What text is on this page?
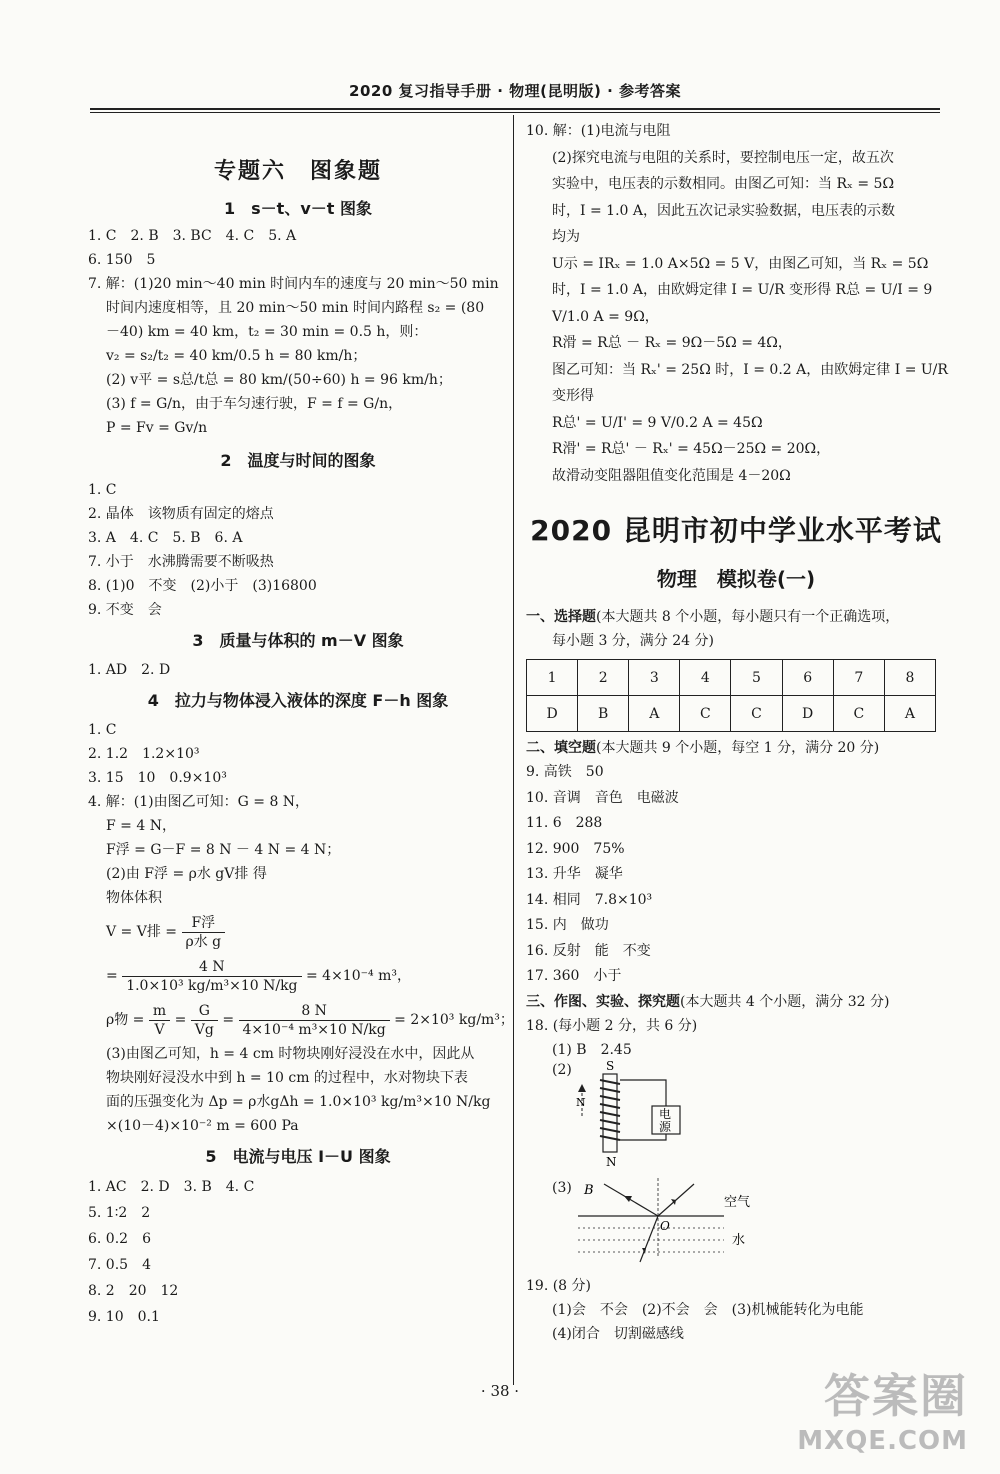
2020 复习指导手册 · 物理(昆明版) · 参考答案
专题六　图象题
1　s－t、v－t 图象
1. C　2. B　3. BC　4. C　5. A
6. 150　5
7. 解：(1)20 min～40 min 时间内车的速度与 20 min～50 min
时间内速度相等，且 20 min～50 min 时间内路程 s₂ = (80
－40) km = 40 km，t₂ = 30 min = 0.5 h，则：
v₂ = s₂/t₂ = 40 km/0.5 h = 80 km/h；
(2) v平 = s总/t总 = 80 km/(50÷60) h = 96 km/h；
(3) f = G/n，由于车匀速行驶，F = f = G/n，
P = Fv = Gv/n
2　温度与时间的图象
1. C
2. 晶体　该物质有固定的熔点
3. A　4. C　5. B　6. A
7. 小于　水沸腾需要不断吸热
8. (1)0　不变　(2)小于　(3)16800
9. 不变　会
3　质量与体积的 m－V 图象
1. AD　2. D
4　拉力与物体浸入液体的深度 F－h 图象
1. C
2. 1.2　1.2×10³
3. 15　10　0.9×10³
4. 解：(1)由图乙可知：G = 8 N，
F = 4 N，
F浮 = G－F = 8 N － 4 N = 4 N；
(2)由 F浮 = ρ水 gV排 得
物体体积
V = V排 = $\frac{\text{F浮}}{\text{ρ水 g}}$
= $\frac{4 N}{\text{1.0×10³ kg/m³×10 N/kg}} = 4\times 10^{-4}$ m³，
ρ物 = $\frac{m}{V} = \frac{G}{Vg} = \frac{8 N}{\text{4×10⁻⁴ m³×10 N/kg}} = 2\times 10^3$ kg/m³；
(3)由图乙可知，h = 4 cm 时物块刚好浸没在水中，因此从
物块刚好浸没水中到 h = 10 cm 的过程中，水对物块下表
面的压强变化为 Δp = ρ水gΔh = 1.0×10³ kg/m³×10 N/kg
×(10－4)×10⁻² m = 600 Pa
5　电流与电压 I－U 图象
1. AC　2. D　3. B　4. C
5. 1∶2　2
6. 0.2　6
7. 0.5　4
8. 2　20　12
9. 10　0.1
10. 解：(1)电流与电阻
(2)探究电流与电阻的关系时，要控制电压一定，故五次
实验中，电压表的示数相同。由图乙可知：当 Rₓ = 5Ω
时，I = 1.0 A，因此五次记录实验数据，电压表的示数
均为
U示 = IRₓ = 1.0 A×5Ω = 5 V，由图乙可知，当 Rₓ = 5Ω
时，I = 1.0 A，由欧姆定律 I = U/R 变形得 R总 = U/I = 9
V/1.0 A = 9Ω，
R滑 = R总 － Rₓ = 9Ω－5Ω = 4Ω，
图乙可知：当 Rₓ' = 25Ω 时，I = 0.2 A，由欧姆定律 I = U/R
变形得
R总' = U/I' = 9 V/0.2 A = 45Ω
R滑' = R总' － Rₓ' = 45Ω－25Ω = 20Ω，
故滑动变阻器阻值变化范围是 4－20Ω
2020 昆明市初中学业水平考试
物理　模拟卷(一)
一、选择题(本大题共 8 个小题，每小题只有一个正确选项，
每小题 3 分，满分 24 分)
1	2	3	4	5	6	7	8
D	B	A	C	C	D	C	A
二、填空题(本大题共 9 个小题，每空 1 分，满分 20 分)
9. 高铁　50
10. 音调　音色　电磁波
11. 6　288
12. 900　75%
13. 升华　凝华
14. 相同　7.8×10³
15. 内　做功
16. 反射　能　不变
17. 360　小于
三、作图、实验、探究题(本大题共 4 个小题，满分 32 分)
18. (每小题 2 分，共 6 分)
(1) B　2.45
(2)
N
S
电
源
N
(3) B
O
空气
水
19. (8 分)
(1)会　不会　(2)不会　会　(3)机械能转化为电能
(4)闭合　切割磁感线
· 38 ·	答案圈
MXQE.COM
